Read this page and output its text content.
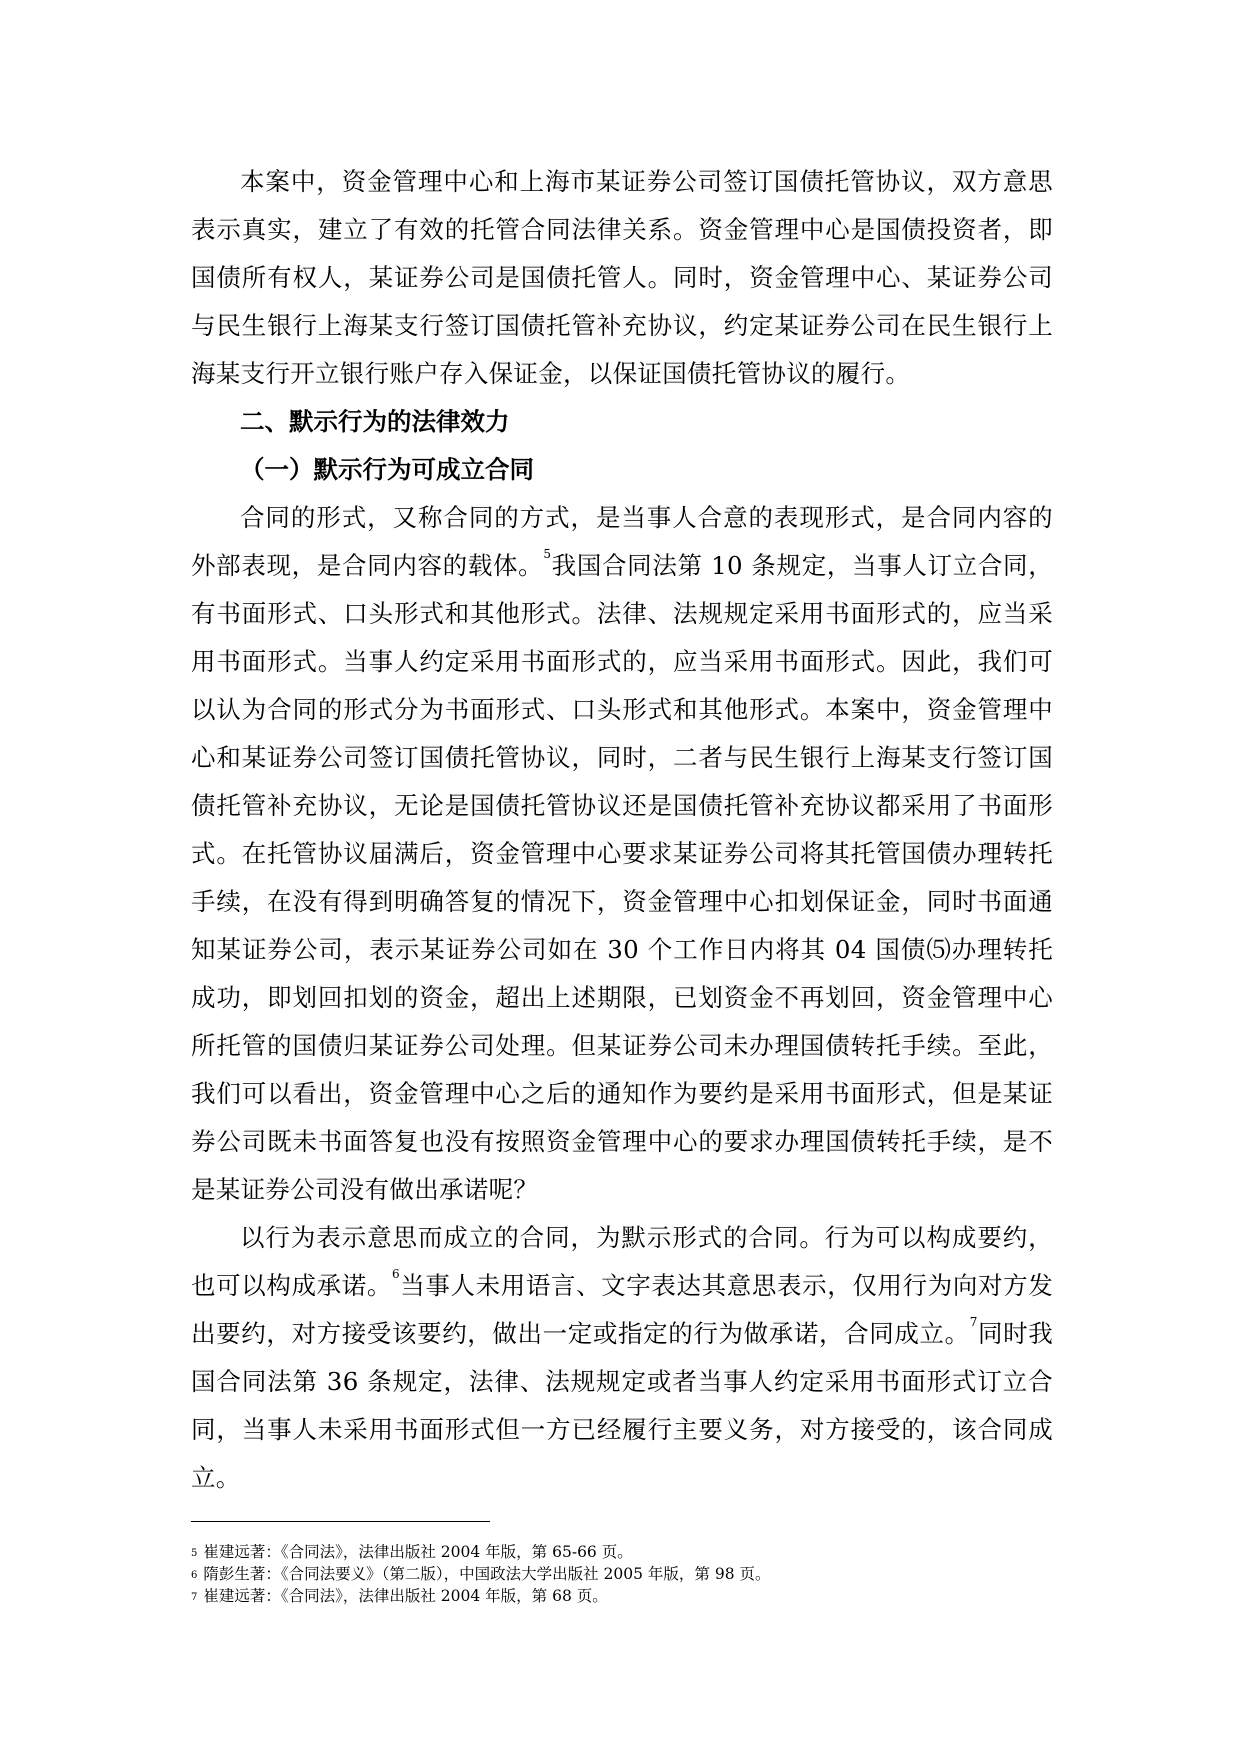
本案中，资金管理中心和上海市某证券公司签订国债托管协议，双方意思表示真实，建立了有效的托管合同法律关系。资金管理中心是国债投资者，即国债所有权人，某证券公司是国债托管人。同时，资金管理中心、某证券公司与民生银行上海某支行签订国债托管补充协议，约定某证券公司在民生银行上海某支行开立银行账户存入保证金，以保证国债托管协议的履行。

二、默示行为的法律效力

（一）默示行为可成立合同

合同的形式，又称合同的方式，是当事人合意的表现形式，是合同内容的外部表现，是合同内容的载体。$^5$我国合同法第 10 条规定，当事人订立合同，有书面形式、口头形式和其他形式。法律、法规规定采用书面形式的，应当采用书面形式。当事人约定采用书面形式的，应当采用书面形式。因此，我们可以认为合同的形式分为书面形式、口头形式和其他形式。本案中，资金管理中心和某证券公司签订国债托管协议，同时，二者与民生银行上海某支行签订国债托管补充协议，无论是国债托管协议还是国债托管补充协议都采用了书面形式。在托管协议届满后，资金管理中心要求某证券公司将其托管国债办理转托手续，在没有得到明确答复的情况下，资金管理中心扣划保证金，同时书面通知某证券公司，表示某证券公司如在 30 个工作日内将其 04 国债⑸办理转托成功，即划回扣划的资金，超出上述期限，已划资金不再划回，资金管理中心所托管的国债归某证券公司处理。但某证券公司未办理国债转托手续。至此，我们可以看出，资金管理中心之后的通知作为要约是采用书面形式，但是某证券公司既未书面答复也没有按照资金管理中心的要求办理国债转托手续，是不是某证券公司没有做出承诺呢？

以行为表示意思而成立的合同，为默示形式的合同。行为可以构成要约，也可以构成承诺。$^6$当事人未用语言、文字表达其意思表示，仅用行为向对方发出要约，对方接受该要约，做出一定或指定的行为做承诺，合同成立。$^7$同时我国合同法第 36 条规定，法律、法规规定或者当事人约定采用书面形式订立合同，当事人未采用书面形式但一方已经履行主要义务，对方接受的，该合同成立。

$^5$ 崔建远著：《合同法》，法律出版社 2004 年版，第 65-66 页。

$^6$ 隋彭生著：《合同法要义》（第二版），中国政法大学出版社 2005 年版，第 98 页。

$^7$ 崔建远著：《合同法》，法律出版社 2004 年版，第 68 页。
